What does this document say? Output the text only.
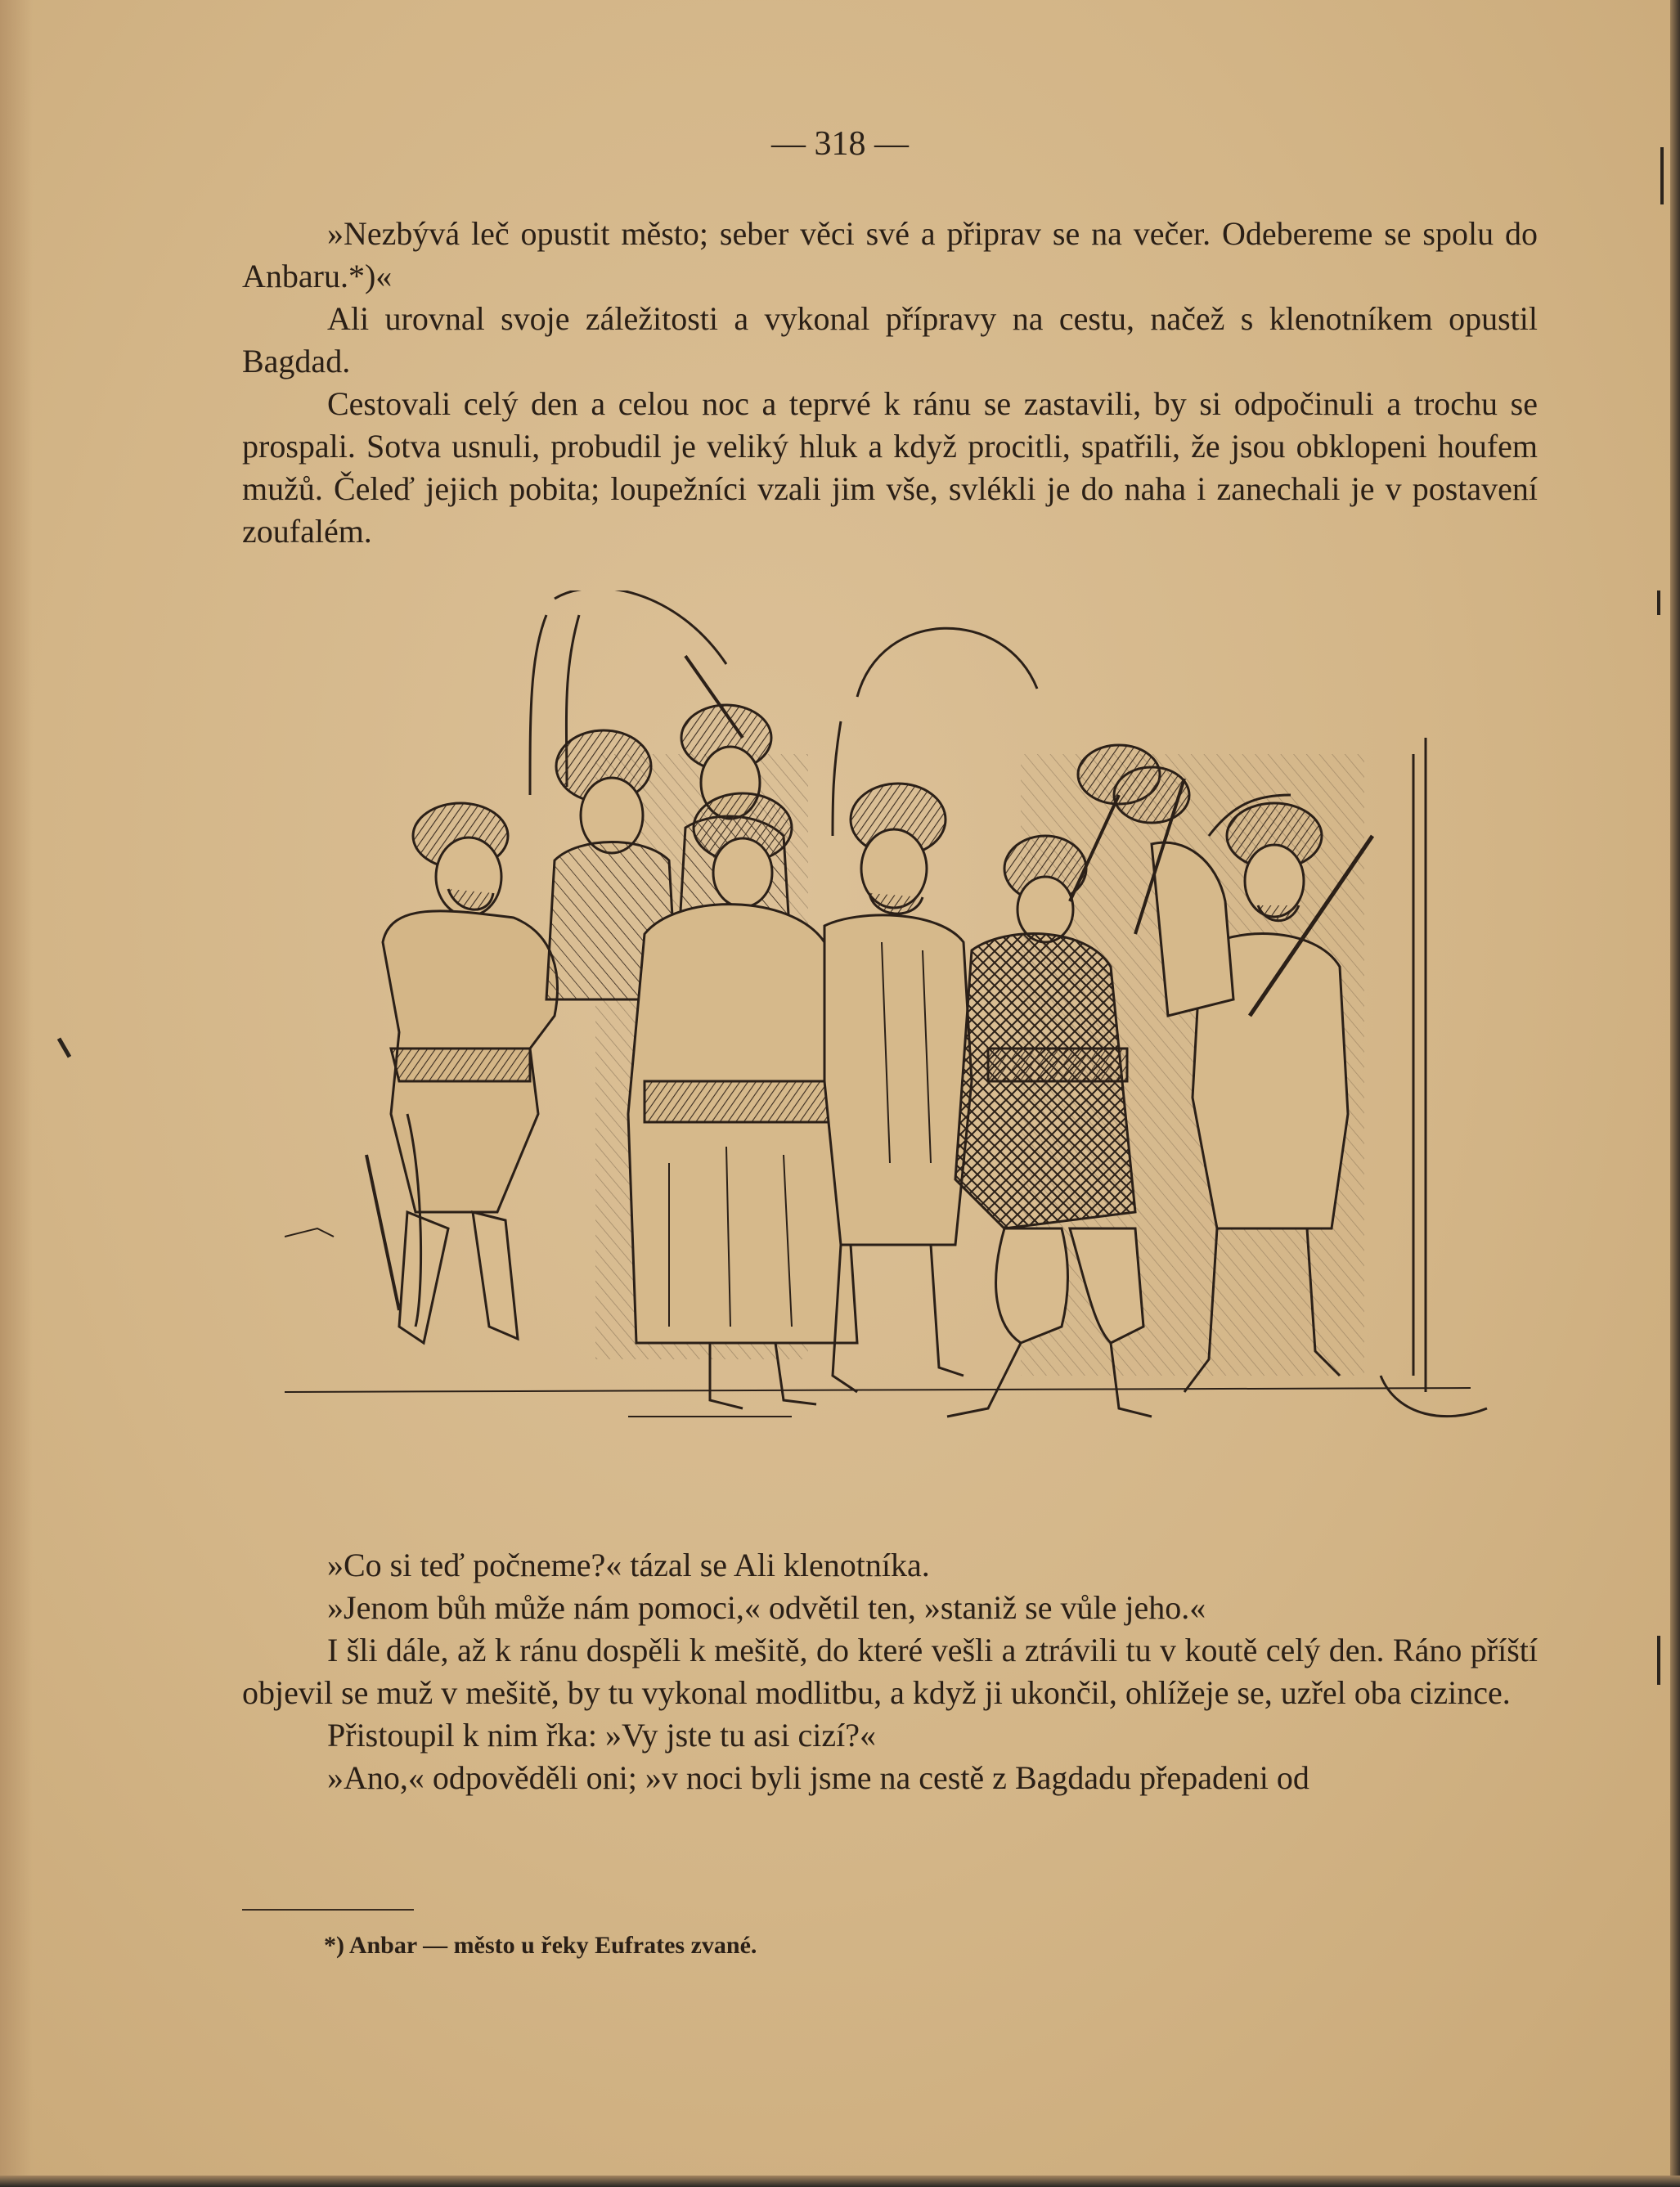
— 318 —

»Nezbývá leč opustit město; seber věci své a připrav se na večer. Odebereme se spolu do Anbaru.*)«

Ali urovnal svoje záležitosti a vykonal přípravy na cestu, načež s klenotníkem opustil Bagdad.

Cestovali celý den a celou noc a teprvé k ránu se zastavili, by si odpočinuli a trochu se prospali. Sotva usnuli, probudil je veliký hluk a když procitli, spatřili, že jsou obklopeni houfem mužů. Čeleď jejich pobita; loupežníci vzali jim vše, svlékli je do naha i zanechali je v postavení zoufalém.

»Co si teď počneme?« tázal se Ali klenotníka.

»Jenom bůh může nám pomoci,« odvětil ten, »staniž se vůle jeho.«

I šli dále, až k ránu dospěli k mešitě, do které vešli a ztrávili tu v koutě celý den. Ráno příští objevil se muž v mešitě, by tu vykonal modlitbu, a když ji ukončil, ohlížeje se, uzřel oba cizince.

Přistoupil k nim řka: »Vy jste tu asi cizí?«

»Ano,« odpověděli oni; »v noci byli jsme na cestě z Bagdadu přepadeni od

*) Anbar — město u řeky Eufrates zvané.
